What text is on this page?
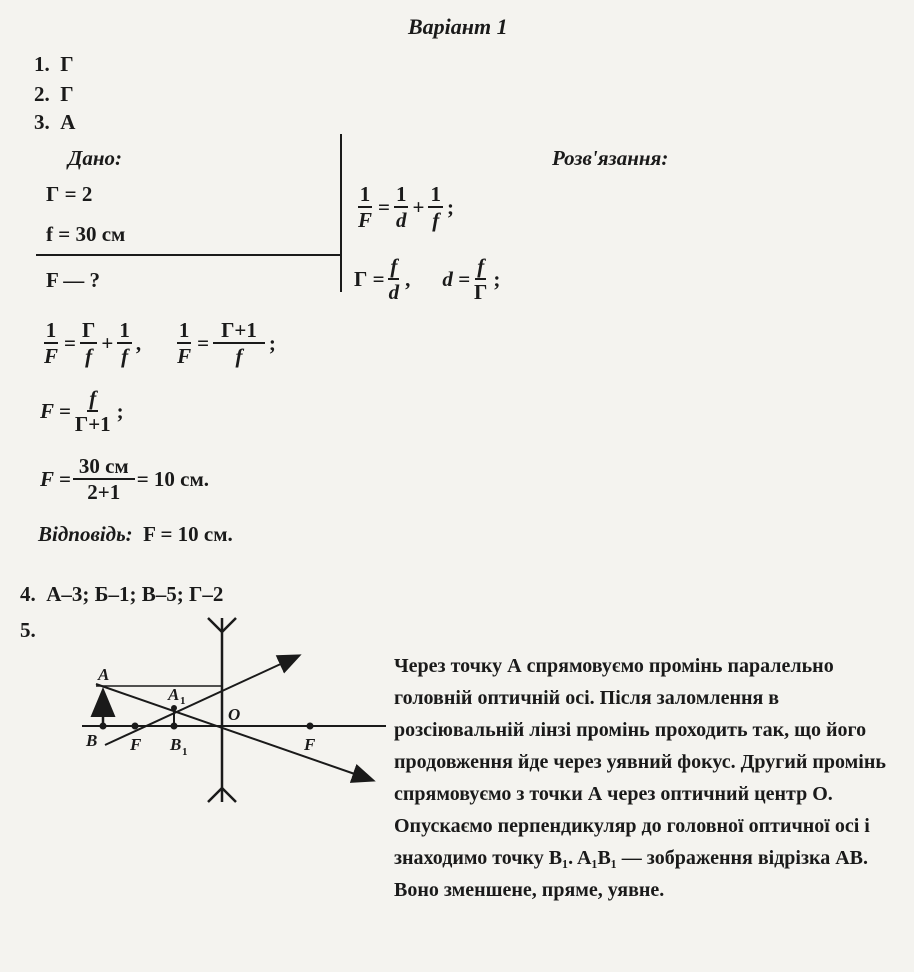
Варіант 1
1. Г
2. Г
3. А
Дано:
Г = 2
f = 30 см
F — ?
Розв'язання:
$\frac{1}{F} = \frac{1}{d} + \frac{1}{f}$ ;
$Г = \frac{f}{d}$ , $d = \frac{f}{Г}$ ;
$\frac{1}{F} = \frac{Г}{f} + \frac{1}{f}$ , $\frac{1}{F} = \frac{Г+1}{f}$ ;
$F = \frac{f}{Г+1}$ ;
$F = \frac{30 см}{2+1} = 10$ см.
Відповідь: F = 10 см.
4. А–3; Б–1; В–5; Г–2
5.
A
A 1
B F B 1
O
F
Через точку А спрямовуємо промінь паралельно головній оптичній осі. Після заломлення в розсіювальній лінзі промінь проходить так, що його продовження йде через уявний фокус. Другий промінь спрямовуємо з точки А через оптичний центр О. Опускаємо перпендикуляр до головної оптичної осі і знаходимо точку B₁. A₁B₁ — зображення відрізка АВ. Воно зменшене, пряме, уявне.
